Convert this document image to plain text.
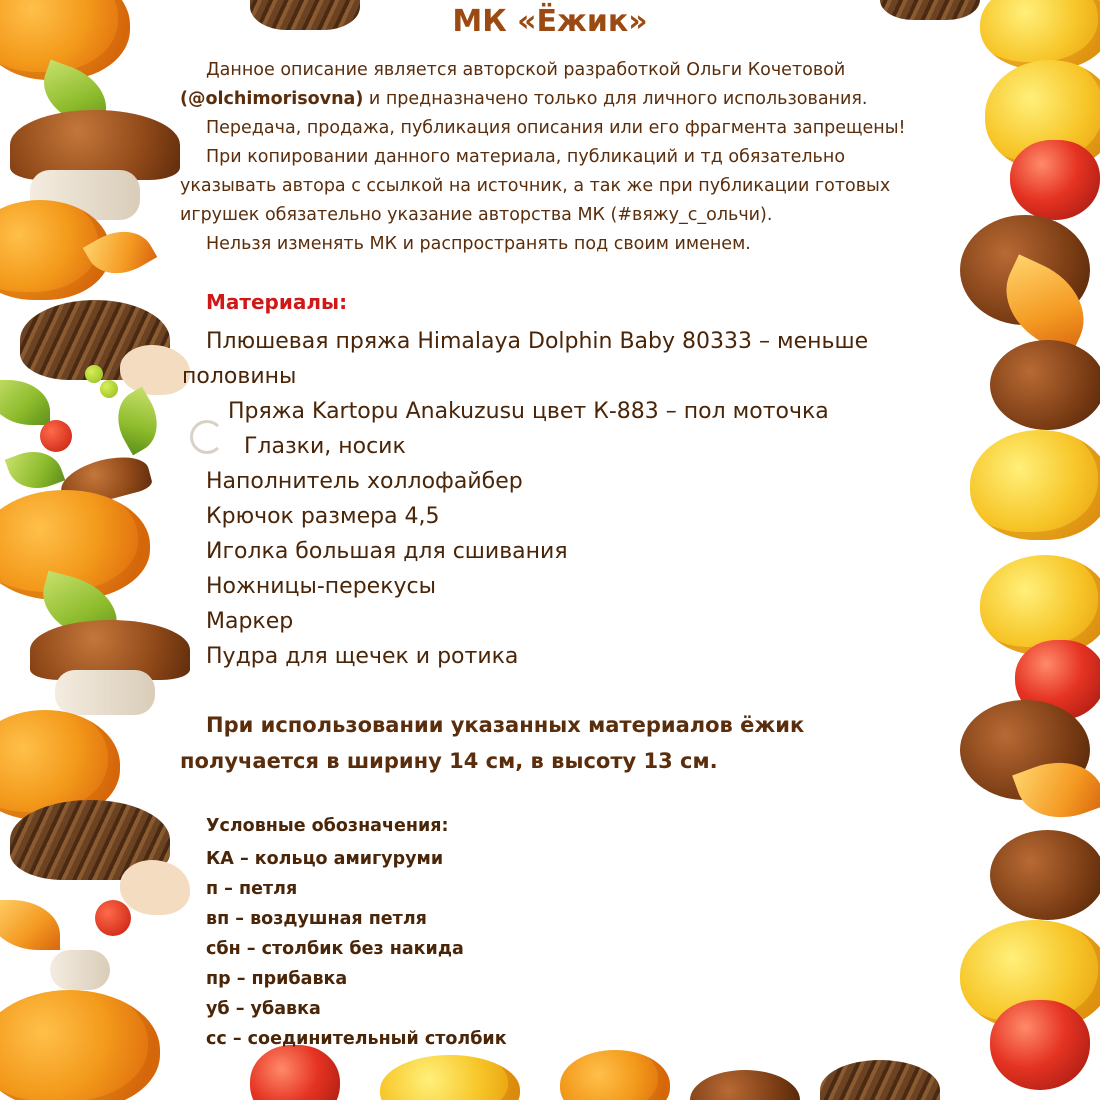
МК «Ёжик»
Данное описание является авторской разработкой Ольги Кочетовой
(@olchimorisovna) и предназначено только для личного использования.
Передача, продажа, публикация описания или его фрагмента запрещены!
При копировании данного материала, публикаций и тд обязательно
указывать автора с ссылкой на источник, а так же при публикации готовых
игрушек обязательно указание авторства МК (#вяжу_с_ольчи).
Нельзя изменять МК и распространять под своим именем.
Материалы:
Плюшевая пряжа Himalaya Dolphin Baby 80333 – меньше
половины
Пряжа Kartopu Anakuzusu цвет К-883 – пол моточка
Глазки, носик
Наполнитель холлофайбер
Крючок размера 4,5
Иголка большая для сшивания
Ножницы-перекусы
Маркер
Пудра для щечек и ротика
При использовании указанных материалов ёжик
получается в ширину 14 см, в высоту 13 см.
Условные обозначения:
КА – кольцо амигуруми
п – петля
вп – воздушная петля
сбн – столбик без накида
пр – прибавка
уб – убавка
сс – соединительный столбик
